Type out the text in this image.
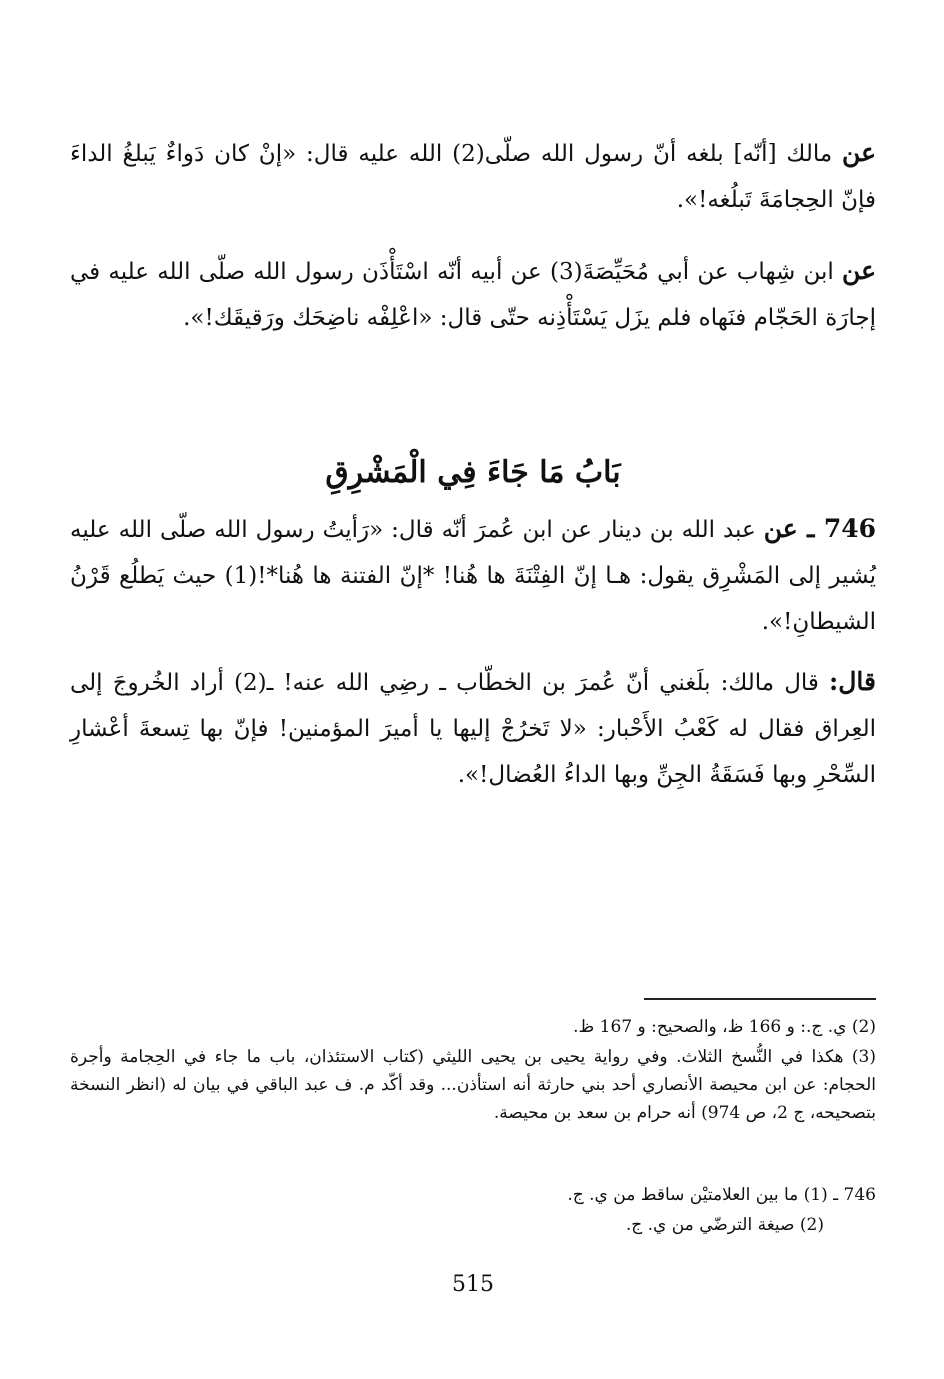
عن مالك [أنّه] بلغه أنّ رسول الله صلّى(2) الله عليه قال: «إنْ كان دَواءٌ يَبلغُ الداءَ فإنّ الحِجامَةَ تَبلُغه!».
عن ابن شِهاب عن أبي مُحَيِّصَةَ(3) عن أبيه أنّه اسْتَأْذَن رسول الله صلّى الله عليه في إجارَة الحَجّام فنَهاه فلم يزَل يَسْتَأْذِنه حتّى قال: «اعْلِفْه ناضِحَك ورَقيقَك!».
بَابُ مَا جَاءَ فِي الْمَشْرِقِ
746 ـ عن عبد الله بن دينار عن ابن عُمرَ أنّه قال: «رَأيتُ رسول الله صلّى الله عليه يُشير إلى المَشْرِق يقول: هـا إنّ الفِتْنَةَ ها هُنا! *إنّ الفتنة ها هُنا*!(1) حيث يَطلُع قَرْنُ الشيطانِ!».
قال: قال مالك: بلَغني أنّ عُمرَ بن الخطّاب ـ رضِي الله عنه! ـ(2) أراد الخُروجَ إلى العِراق فقال له كَعْبُ الأَحْبار: «لا تَخرُجْ إليها يا أميرَ المؤمنين! فإنّ بها تِسعةَ أعْشارِ السِّحْرِ وبها فَسَقَةُ الجِنِّ وبها الداءُ العُضال!».
(2) ي. ج.: و 166 ظ، والصحيح: و 167 ظ.
(3) هكذا في النُّسخ الثلاث. وفي رواية يحيى بن يحيى الليثي (كتاب الاستئذان، باب ما جاء في الحِجامة وأجرة الحجام: عن ابن محيصة الأنصاري أحد بني حارثة أنه استأذن... وقد أكّد م. ف عبد الباقي في بيان له (انظر النسخة بتصحيحه، ج 2، ص 974) أنه حرام بن سعد بن محيصة.
746 ـ (1) ما بين العلامتيْن ساقط من ي. ج.
(2) صيغة الترضّي من ي. ج.
515
